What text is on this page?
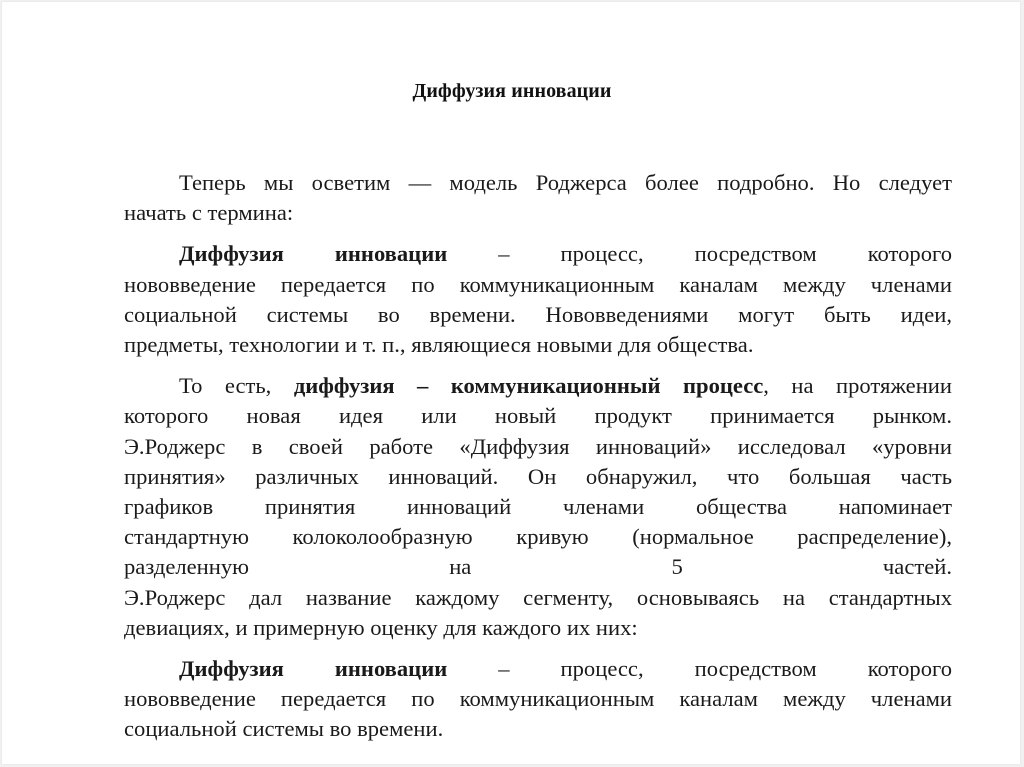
Диффузия инновации
Теперь мы осветим — модель Роджерса более подробно. Но следует
начать с термина:
Диффузия инновации – процесс, посредством которого
нововведение передается по коммуникационным каналам между членами
социальной системы во времени. Нововведениями могут быть идеи,
предметы, технологии и т. п., являющиеся новыми для общества.
То есть, диффузия – коммуникационный процесс, на протяжении
которого новая идея или новый продукт принимается рынком.
Э.Роджерс в своей работе «Диффузия инноваций» исследовал «уровни
принятия» различных инноваций. Он обнаружил, что большая часть
графиков принятия инноваций членами общества напоминает
стандартную колоколообразную кривую (нормальное распределение),
разделенную на 5 частей.
Э.Роджерс дал название каждому сегменту, основываясь на стандартных
девиациях, и примерную оценку для каждого их них:
Диффузия инновации – процесс, посредством которого
нововведение передается по коммуникационным каналам между членами
социальной системы во времени.
